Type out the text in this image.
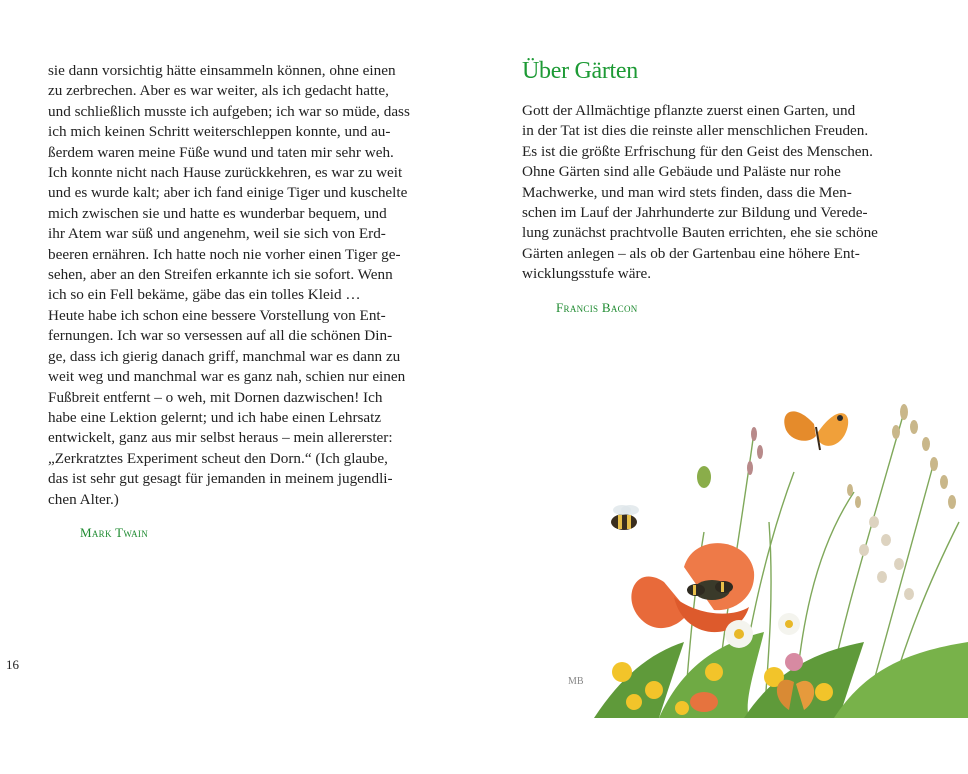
sie dann vorsichtig hätte einsammeln können, ohne einen
zu zerbrechen. Aber es war weiter, als ich gedacht hatte,
und schließlich musste ich aufgeben; ich war so müde, dass
ich mich keinen Schritt weiterschleppen konnte, und au-
ßerdem waren meine Füße wund und taten mir sehr weh.
Ich konnte nicht nach Hause zurückkehren, es war zu weit
und es wurde kalt; aber ich fand einige Tiger und kuschelte
mich zwischen sie und hatte es wunderbar bequem, und
ihr Atem war süß und angenehm, weil sie sich von Erd-
beeren ernähren. Ich hatte noch nie vorher einen Tiger ge-
sehen, aber an den Streifen erkannte ich sie sofort. Wenn
ich so ein Fell bekäme, gäbe das ein tolles Kleid …
Heute habe ich schon eine bessere Vorstellung von Ent-
fernungen. Ich war so versessen auf all die schönen Din-
ge, dass ich gierig danach griff, manchmal war es dann zu
weit weg und manchmal war es ganz nah, schien nur einen
Fußbreit entfernt – o weh, mit Dornen dazwischen! Ich
habe eine Lektion gelernt; und ich habe einen Lehrsatz
entwickelt, ganz aus mir selbst heraus – mein allererster:
„Zerkratztes Experiment scheut den Dorn.“ (Ich glaube,
das ist sehr gut gesagt für jemanden in meinem jugendli-
chen Alter.)
Mark Twain
16
Über Gärten
Gott der Allmächtige pflanzte zuerst einen Garten, und
in der Tat ist dies die reinste aller menschlichen Freuden.
Es ist die größte Erfrischung für den Geist des Menschen.
Ohne Gärten sind alle Gebäude und Paläste nur rohe
Machwerke, und man wird stets finden, dass die Men-
schen im Lauf der Jahrhunderte zur Bildung und Verede-
lung zunächst prachtvolle Bauten errichten, ehe sie schöne
Gärten anlegen – als ob der Gartenbau eine höhere Ent-
wicklungsstufe wäre.
Francis Bacon
MB
